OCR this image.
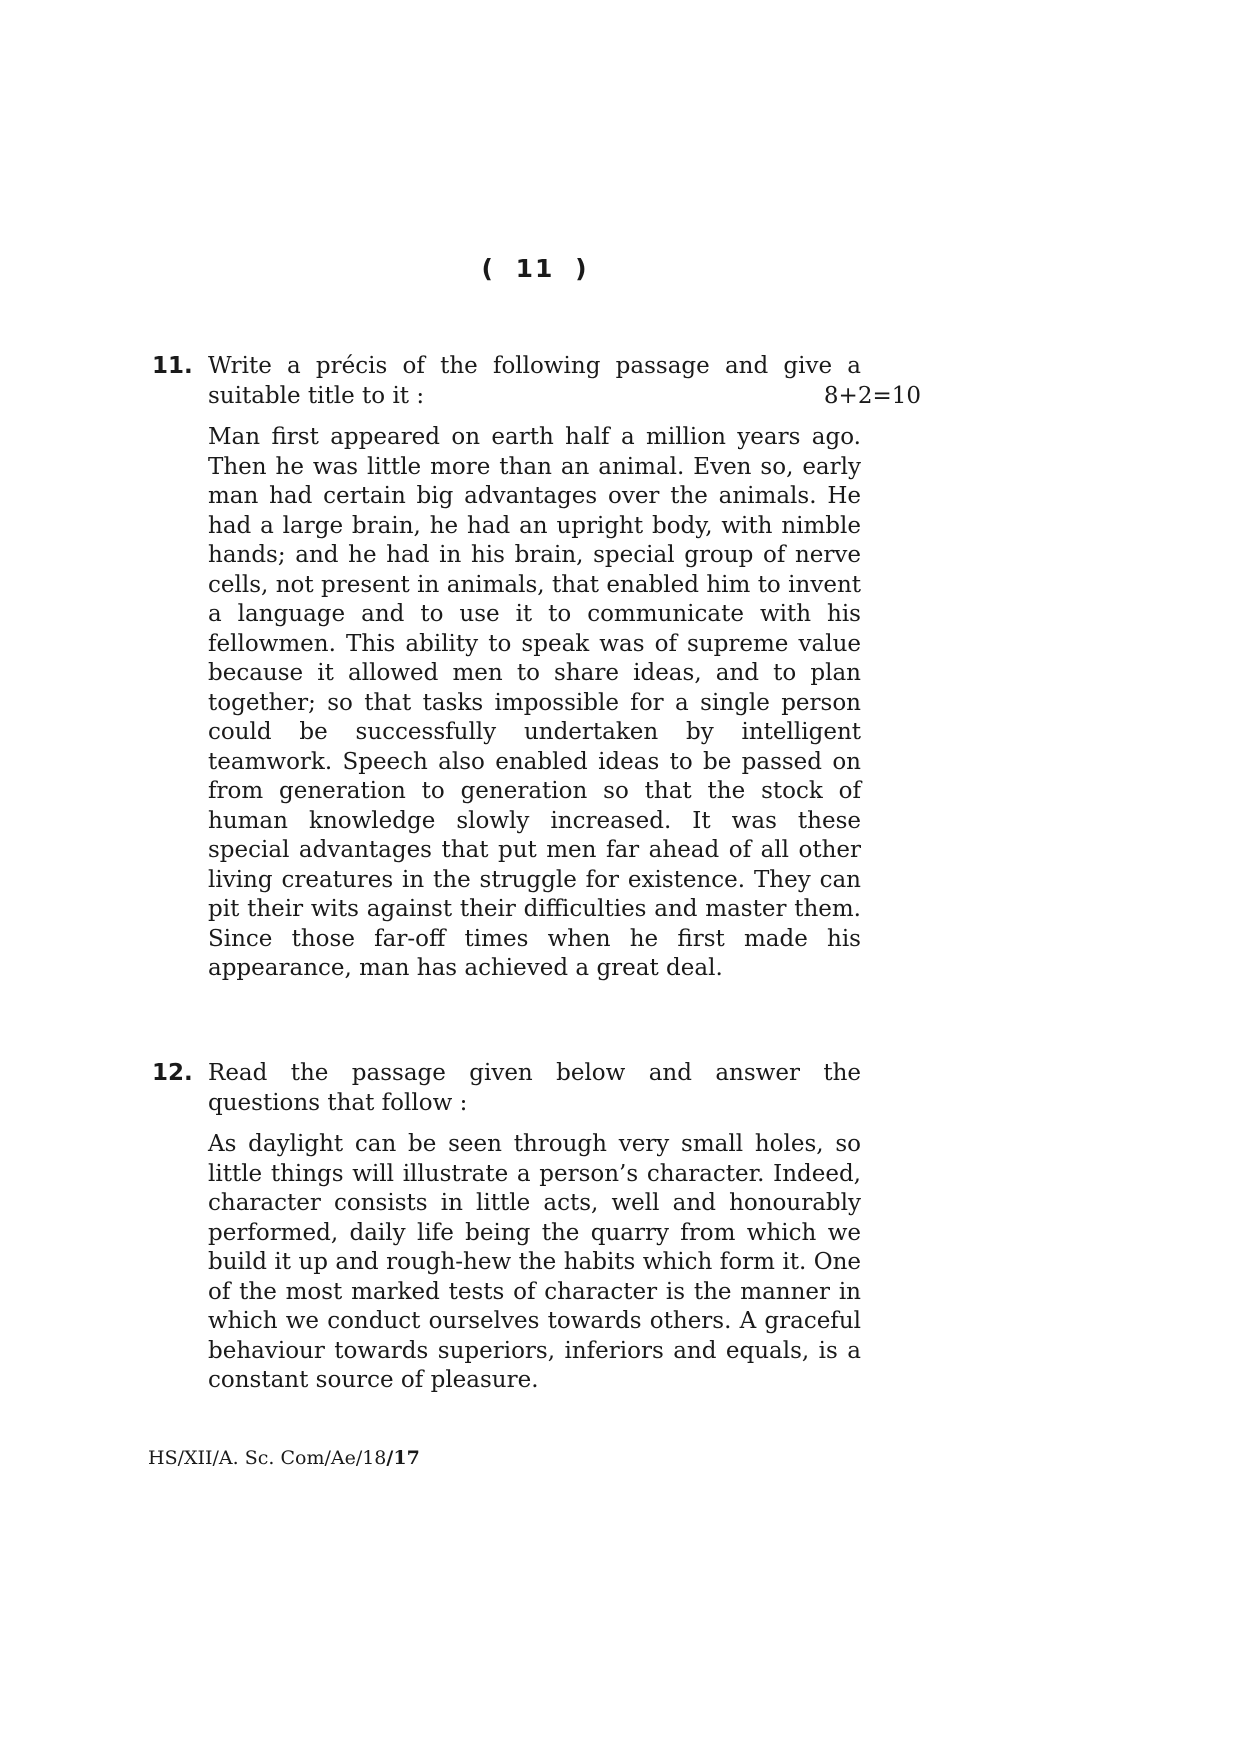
( 11 )
11. Write a précis of the following passage and give a
suitable title to it :	8+2=10

Man first appeared on earth half a million years ago. Then he was little more than an animal. Even so, early man had certain big advantages over the animals. He had a large brain, he had an upright body, with nimble hands; and he had in his brain, special group of nerve cells, not present in animals, that enabled him to invent a language and to use it to communicate with his fellowmen. This ability to speak was of supreme value because it allowed men to share ideas, and to plan together; so that tasks impossible for a single person could be successfully undertaken by intelligent teamwork. Speech also enabled ideas to be passed on from generation to generation so that the stock of human knowledge slowly increased. It was these special advantages that put men far ahead of all other living creatures in the struggle for existence. They can pit their wits against their difficulties and master them. Since those far-off times when he first made his appearance, man has achieved a great deal.

12. Read the passage given below and answer the
questions that follow :

As daylight can be seen through very small holes, so little things will illustrate a person’s character. Indeed, character consists in little acts, well and honourably performed, daily life being the quarry from which we build it up and rough-hew the habits which form it. One of the most marked tests of character is the manner in which we conduct ourselves towards others. A graceful behaviour towards superiors, inferiors and equals, is a constant source of pleasure.

HS/XII/A. Sc. Com/Ae/18/17
